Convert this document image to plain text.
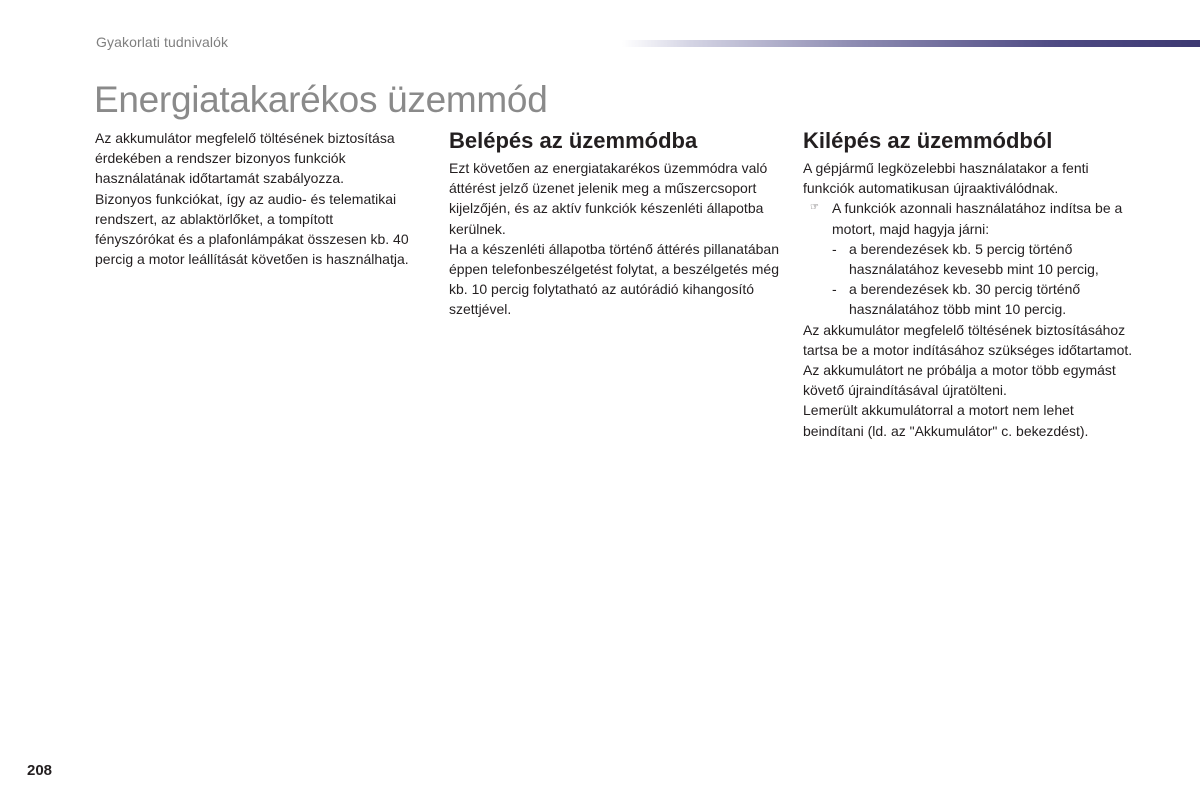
Gyakorlati tudnivalók
Energiatakarékos üzemmód

Az akkumulátor megfelelő töltésének biztosítása érdekében a rendszer bizonyos funkciók használatának időtartamát szabályozza.

Bizonyos funkciókat, így az audio- és telematikai rendszert, az ablaktörlőket, a tompított fényszórókat és a plafonlámpákat összesen kb. 40 percig a motor leállítását követően is használhatja.

Belépés az üzemmódba

Ezt követően az energiatakarékos üzemmódra való áttérést jelző üzenet jelenik meg a műszercsoport kijelzőjén, és az aktív funkciók készenléti állapotba kerülnek.

Ha a készenléti állapotba történő áttérés pillanatában éppen telefonbeszélgetést folytat, a beszélgetés még kb. 10 percig folytatható az autórádió kihangosító szettjével.

Kilépés az üzemmódból

A gépjármű legközelebbi használatakor a fenti funkciók automatikusan újraaktiválódnak.

☞ A funkciók azonnali használatához indítsa be a motort, majd hagyja járni:
- a berendezések kb. 5 percig történő használatához kevesebb mint 10 percig,
- a berendezések kb. 30 percig történő használatához több mint 10 percig.

Az akkumulátor megfelelő töltésének biztosításához tartsa be a motor indításához szükséges időtartamot.

Az akkumulátort ne próbálja a motor több egymást követő újraindításával újratölteni.

Lemerült akkumulátorral a motort nem lehet beindítani (ld. az "Akkumulátor" c. bekezdést).

208
